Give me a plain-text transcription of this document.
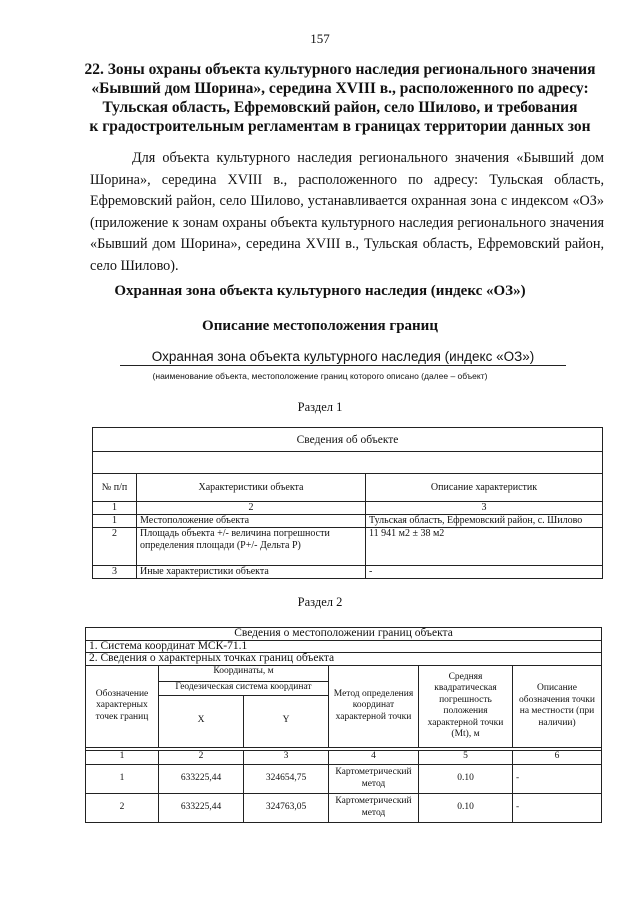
157
22. Зоны охраны объекта культурного наследия регионального значения
«Бывший дом Шорина», середина XVIII в., расположенного по адресу:
Тульская область, Ефремовский район, село Шилово, и требования
к градостроительным регламентам в границах территории данных зон
Для объекта культурного наследия регионального значения «Бывший дом Шорина», середина XVIII в., расположенного по адресу: Тульская область, Ефремовский район, село Шилово, устанавливается охранная зона с индексом «ОЗ» (приложение к зонам охраны объекта культурного наследия регионального значения «Бывший дом Шорина», середина XVIII в., Тульская область, Ефремовский район, село Шилово).
Охранная зона объекта культурного наследия (индекс «ОЗ»)
Описание местоположения границ
Охранная зона объекта культурного наследия (индекс «ОЗ»)
(наименование объекта, местоположение границ которого описано (далее – объект)
Раздел 1
Сведения об объекте		

№ п/п	Характеристики объекта	Описание характеристик
1	2	3
1	Местоположение объекта	Тульская область, Ефремовский район, с. Шилово
2	Площадь объекта +/- величина погрешности определения площади (P+/- Дельта P)	11 941 м2 ± 38 м2
3	Иные характеристики объекта	-
Раздел 2
Сведения о местоположении границ объекта					
1. Система координат МСК-71.1					
2. Сведения о характерных точках границ объекта					
Обозначение характерных точек границ	Координаты, м		Метод определения координат характерной точки	Средняя квадратическая погрешность положения характерной точки (Mt), м	Описание обозначения точки на местности (при наличии)
	Геодезическая система координат				
	X	Y			

1	2	3	4	5	6
1	633225,44	324654,75	Картометрический метод	0.10	-
2	633225,44	324763,05	Картометрический метод	0.10	-
